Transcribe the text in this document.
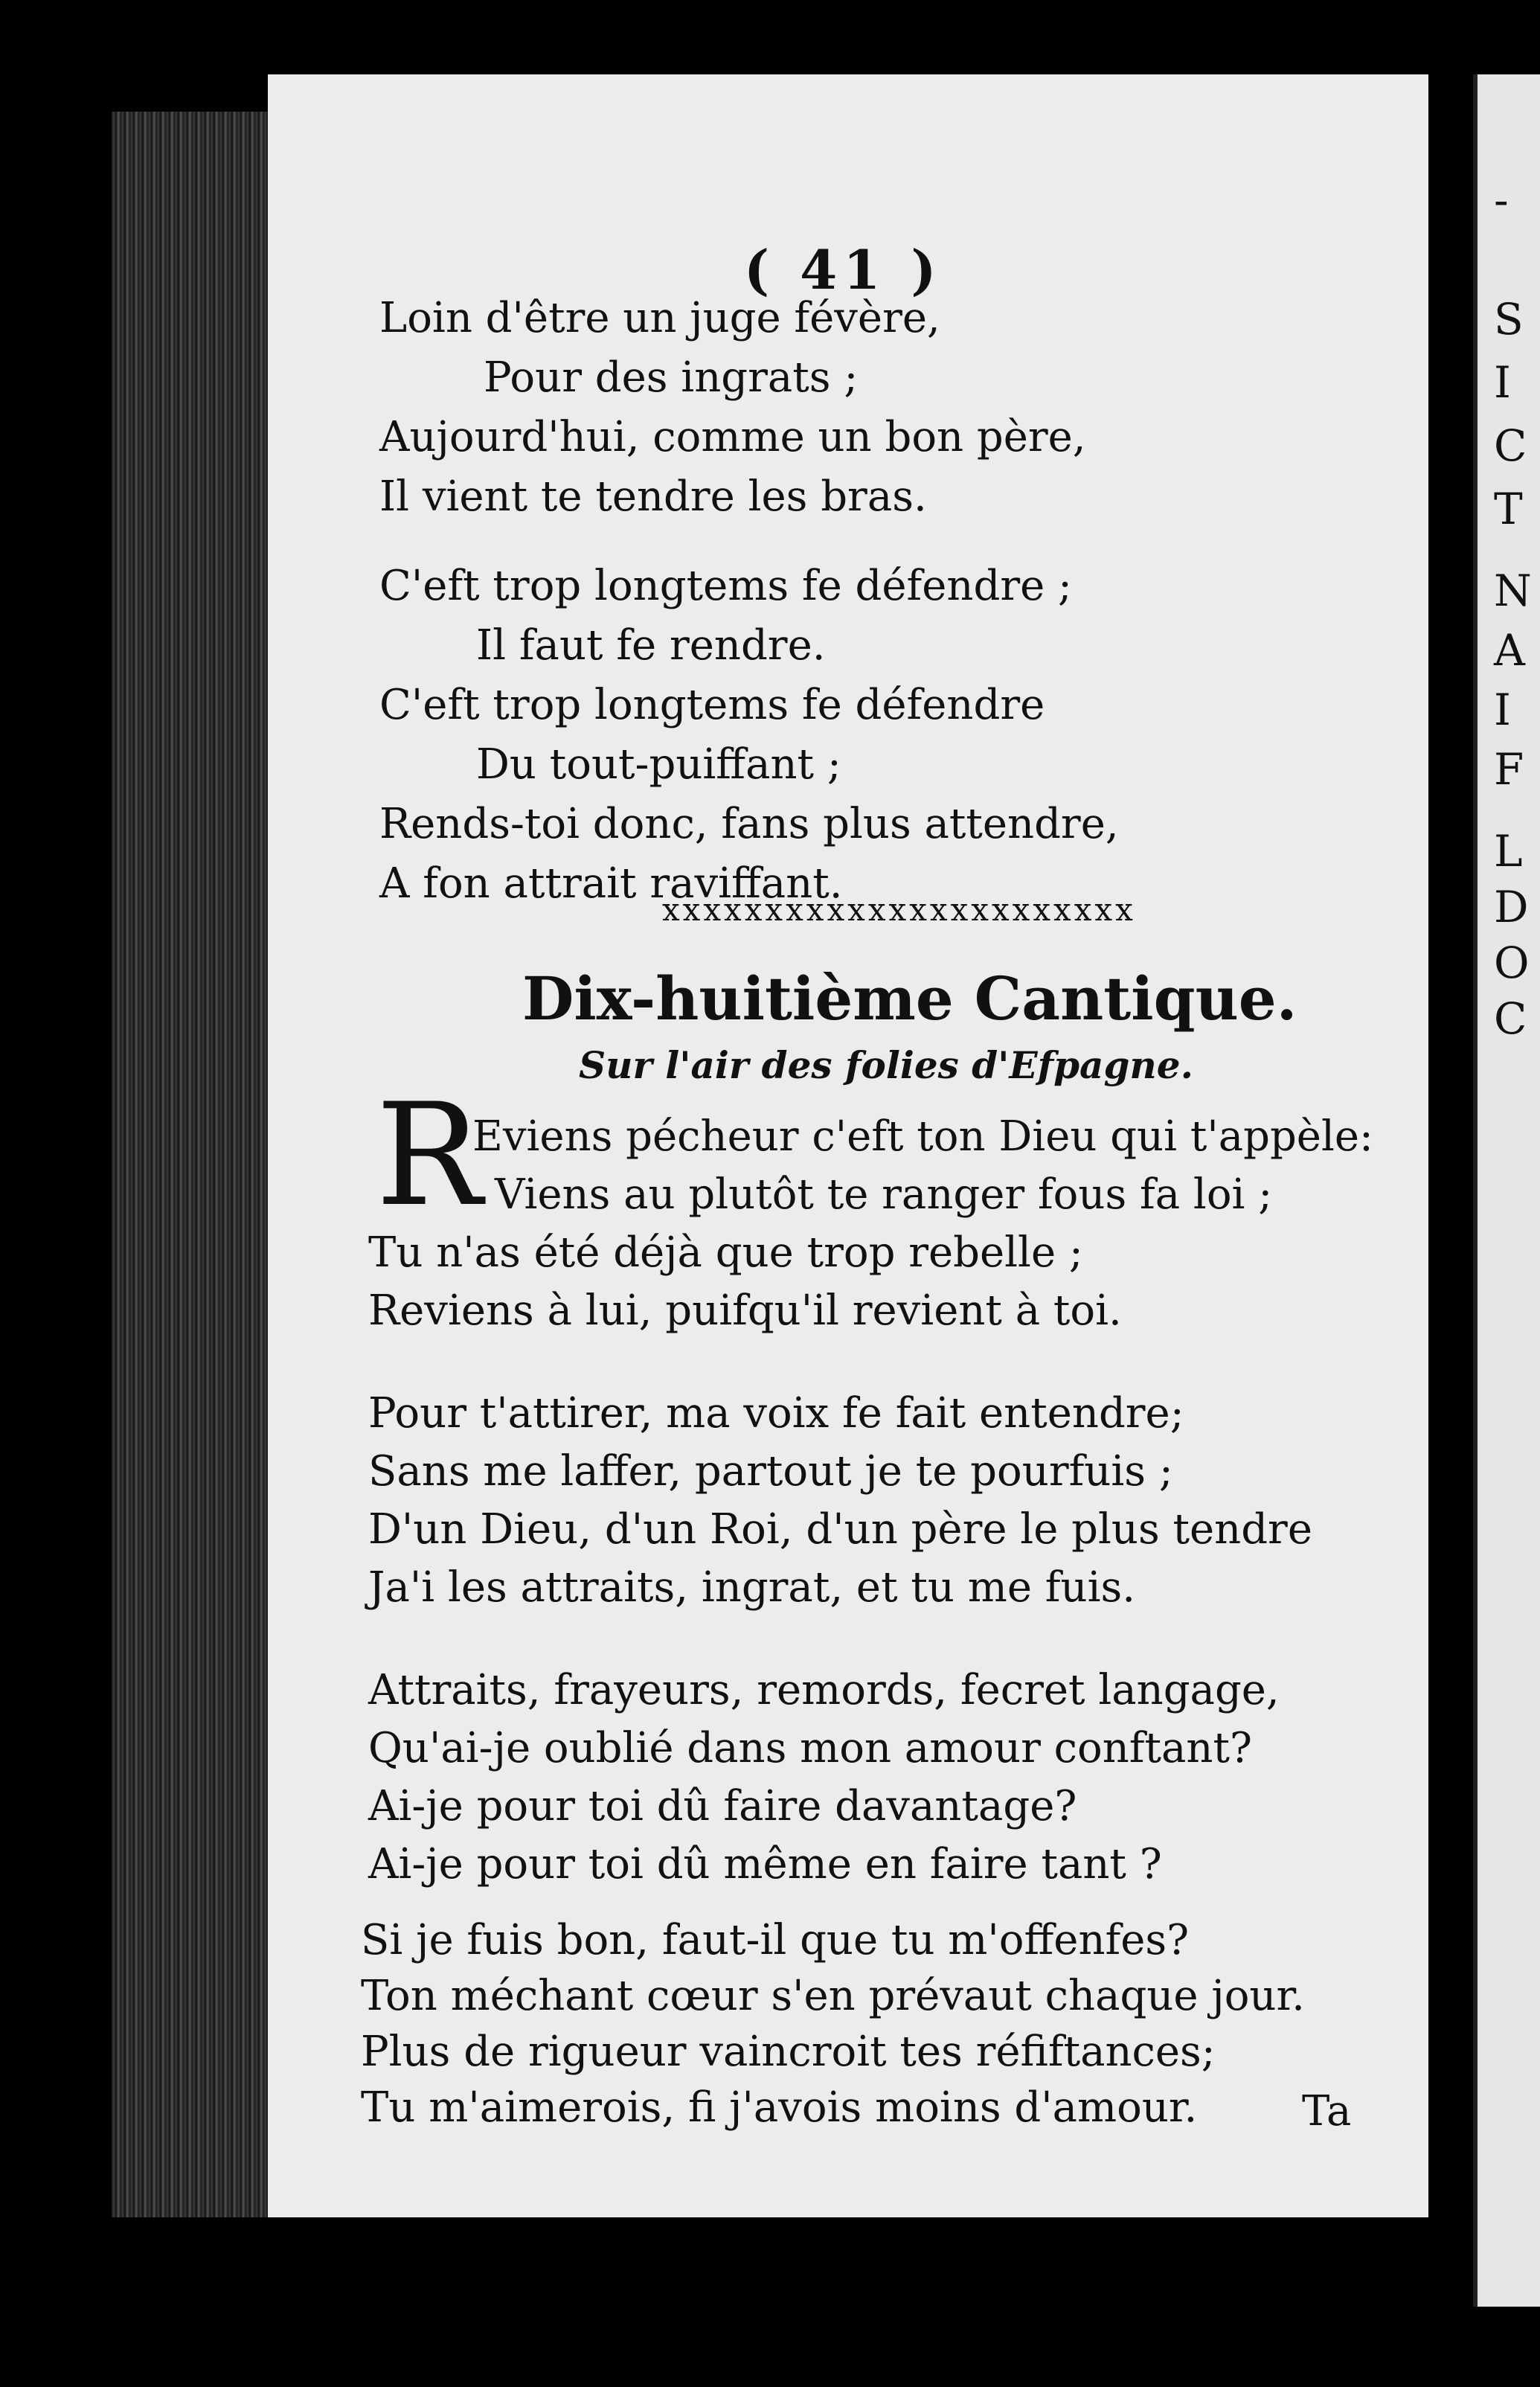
( 41 )
Loin d'être un juge févère,
Pour des ingrats ;
Aujourd'hui, comme un bon père,
Il vient te tendre les bras.
C'eft trop longtems fe défendre ;
Il faut fe rendre.
C'eft trop longtems fe défendre
Du tout-puiffant ;
Rends-toi donc, fans plus attendre,
A fon attrait raviffant.
xxxxxxxxxxxxxxxxxxxxxxx
Dix-huitième Cantique.
Sur l'air des folies d'Efpagne.
R
Eviens pécheur c'eft ton Dieu qui t'appèle:
Viens au plutôt te ranger fous fa loi ;
Tu n'as été déjà que trop rebelle ;
Reviens à lui, puifqu'il revient à toi.
Pour t'attirer, ma voix fe fait entendre;
Sans me laffer, partout je te pourfuis ;
D'un Dieu, d'un Roi, d'un père le plus tendre
Ja'i les attraits, ingrat, et tu me fuis.
Attraits, frayeurs, remords, fecret langage,
Qu'ai-je oublié dans mon amour conftant?
Ai-je pour toi dû faire davantage?
Ai-je pour toi dû même en faire tant ?
Si je fuis bon, faut-il que tu m'offenfes?
Ton méchant cœur s'en prévaut chaque jour.
Plus de rigueur vaincroit tes réfiftances;
Tu m'aimerois, fi j'avois moins d'amour.	Ta
-
S
I
C
T
N
A
I
F
L
D
O
C
